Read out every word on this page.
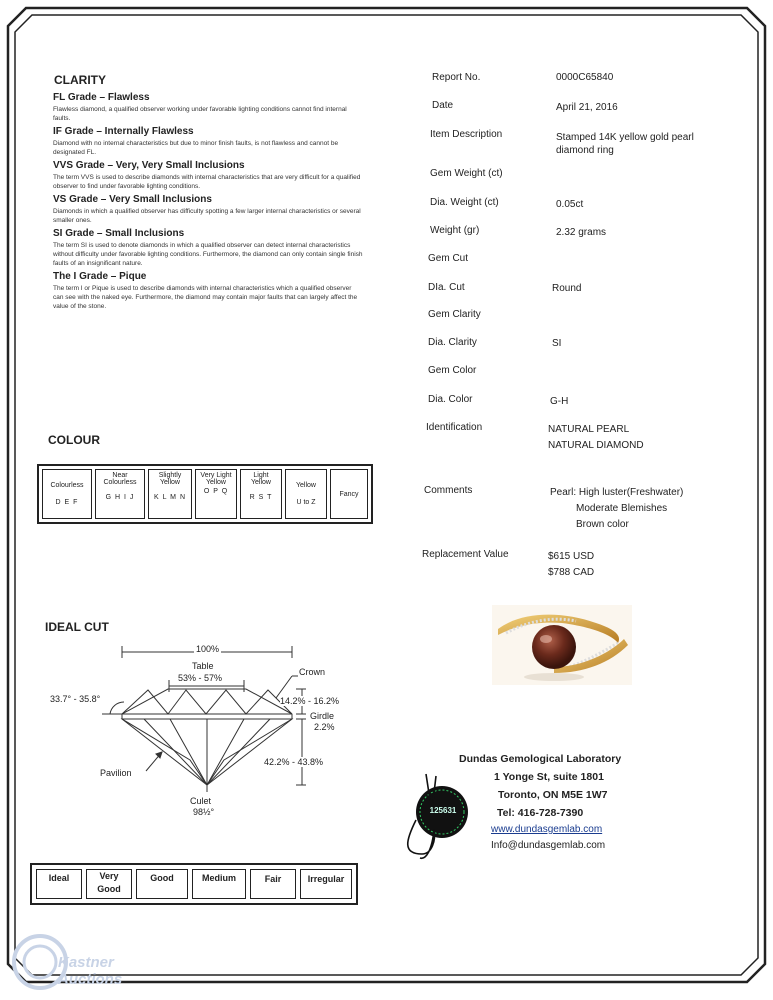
CLARITY
FL Grade – Flawless
Flawless diamond, a qualified observer working under favorable lighting conditions cannot find internal faults.
IF Grade – Internally Flawless
Diamond with no internal characteristics but due to minor finish faults, is not flawless and cannot be designated FL.
VVS Grade – Very, Very Small Inclusions
The term VVS is used to describe diamonds with internal characteristics that are very difficult for a qualified observer to find under favorable lighting conditions.
VS Grade – Very Small Inclusions
Diamonds in which a qualified observer has difficulty spotting a few larger internal characteristics or several smaller ones.
SI Grade – Small Inclusions
The term SI is used to denote diamonds in which a qualified observer can detect internal characteristics without difficulty under favorable lighting conditions. Furthermore, the diamond can only contain single finish faults of an insignificant nature.
The I Grade – Pique
The term I or Pique is used to describe diamonds with internal characteristics which a qualified observer can see with the naked eye. Furthermore, the diamond may contain major faults that can largely affect the value of the stone.
COLOUR
Colourless
D E F

Near Colourless
G H I J

Slightly Yellow
K L M N

Very Light Yellow
O P Q

Light Yellow
R S T

Yellow
U to Z

Fancy
IDEAL CUT
100%
Table
53% - 57%
Crown
33.7° - 35.8°	14.2% - 16.2%
Girdle
2.2%
42.2% - 43.8%
Pavilion
Culet
98½°
Ideal	Very Good
Good	Medium	Fair	Irregular
Report No.	0000C65840
Date	April 21, 2016
Item Description	Stamped 14K yellow gold pearl diamond ring
Gem Weight (ct)
Dia. Weight (ct)	0.05ct
Weight (gr)	2.32 grams
Gem Cut
DIa. Cut	Round
Gem Clarity
Dia. Clarity	SI
Gem Color
Dia. Color	G-H
Identification	NATURAL PEARL
NATURAL DIAMOND
Comments	Pearl: High luster(Freshwater)
Moderate Blemishes
Brown color
Replacement Value	$615 USD
$788 CAD
Dundas Gemological Laboratory
1 Yonge St, suite 1801
Toronto, ON M5E 1W7
Tel: 416-728-7390
www.dundasgemlab.com
Info@dundasgemlab.com
125631
Kastner Auctions
